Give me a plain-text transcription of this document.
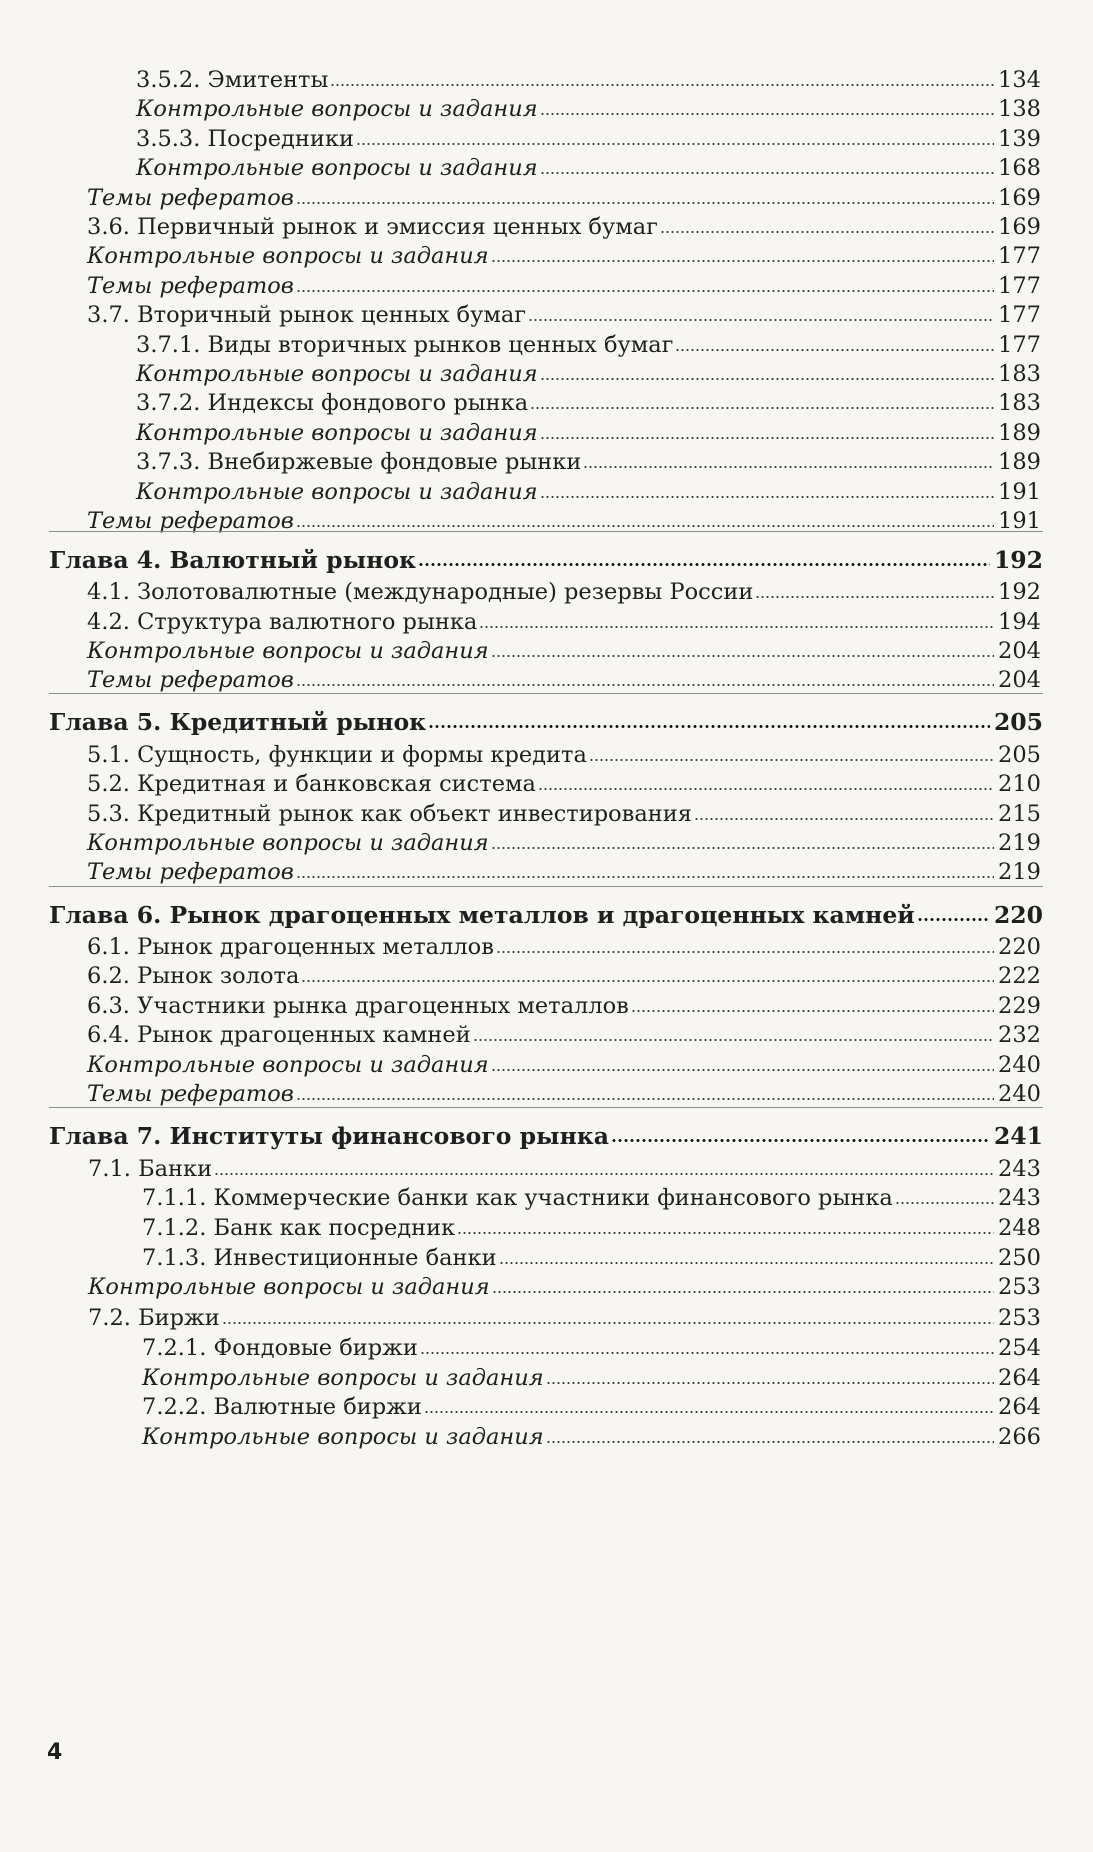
3.5.2. Эмитенты	134
Контрольные вопросы и задания	138
3.5.3. Посредники	139
Контрольные вопросы и задания	168
Темы рефератов	169
3.6. Первичный рынок и эмиссия ценных бумаг	169
Контрольные вопросы и задания	177
Темы рефератов	177
3.7. Вторичный рынок ценных бумаг	177
3.7.1. Виды вторичных рынков ценных бумаг	177
Контрольные вопросы и задания	183
3.7.2. Индексы фондового рынка	183
Контрольные вопросы и задания	189
3.7.3. Внебиржевые фондовые рынки	189
Контрольные вопросы и задания	191
Темы рефератов	191
Глава 4. Валютный рынок	192
4.1. Золотовалютные (международные) резервы России	192
4.2. Структура валютного рынка	194
Контрольные вопросы и задания	204
Темы рефератов	204
Глава 5. Кредитный рынок	205
5.1. Сущность, функции и формы кредита	205
5.2. Кредитная и банковская система	210
5.3. Кредитный рынок как объект инвестирования	215
Контрольные вопросы и задания	219
Темы рефератов	219
Глава 6. Рынок драгоценных металлов и драгоценных камней	220
6.1. Рынок драгоценных металлов	220
6.2. Рынок золота	222
6.3. Участники рынка драгоценных металлов	229
6.4. Рынок драгоценных камней	232
Контрольные вопросы и задания	240
Темы рефератов	240
Глава 7. Институты финансового рынка	241
7.1. Банки	243
7.1.1. Коммерческие банки как участники финансового рынка	243
7.1.2. Банк как посредник	248
7.1.3. Инвестиционные банки	250
Контрольные вопросы и задания	253
7.2. Биржи	253
7.2.1. Фондовые биржи	254
Контрольные вопросы и задания	264
7.2.2. Валютные биржи	264
Контрольные вопросы и задания	266
4
